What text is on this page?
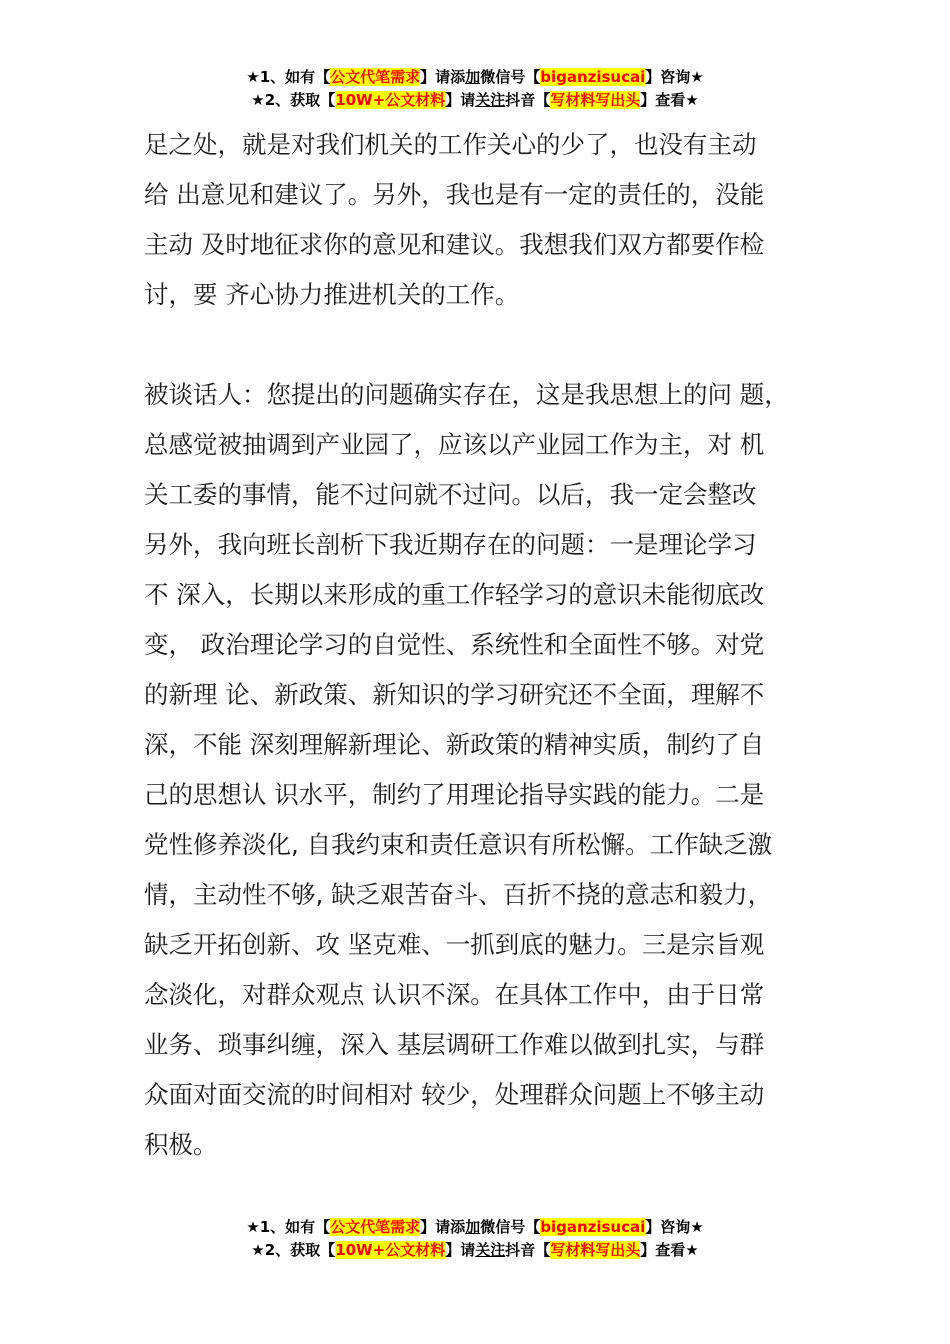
★1、如有【公文代笔需求】请添加微信号【biganzisucai】咨询★
★2、获取【10W+公文材料】请关注抖音【写材料写出头】查看★
足之处，就是对我们机关的工作关心的少了，也没有主动
给 出意见和建议了。另外，我也是有一定的责任的，没能
主动 及时地征求你的意见和建议。我想我们双方都要作检
讨，要 齐心协力推进机关的工作。
被谈话人：您提出的问题确实存在，这是我思想上的问 题，
总感觉被抽调到产业园了，应该以产业园工作为主，对 机
关工委的事情，能不过问就不过问。以后，我一定会整改
另外，我向班长剖析下我近期存在的问题：一是理论学习
不 深入，长期以来形成的重工作轻学习的意识未能彻底改
变， 政治理论学习的自觉性、系统性和全面性不够。对党
的新理 论、新政策、新知识的学习研究还不全面，理解不
深，不能 深刻理解新理论、新政策的精神实质，制约了自
己的思想认 识水平，制约了用理论指导实践的能力。二是
党性修养淡化, 自我约束和责任意识有所松懈。工作缺乏激
情，主动性不够, 缺乏艰苦奋斗、百折不挠的意志和毅力，
缺乏开拓创新、攻 坚克难、一抓到底的魅力。三是宗旨观
念淡化，对群众观点 认识不深。在具体工作中，由于日常
业务、琐事纠缠，深入 基层调研工作难以做到扎实，与群
众面对面交流的时间相对 较少，处理群众问题上不够主动
积极。
★1、如有【公文代笔需求】请添加微信号【biganzisucai】咨询★
★2、获取【10W+公文材料】请关注抖音【写材料写出头】查看★
